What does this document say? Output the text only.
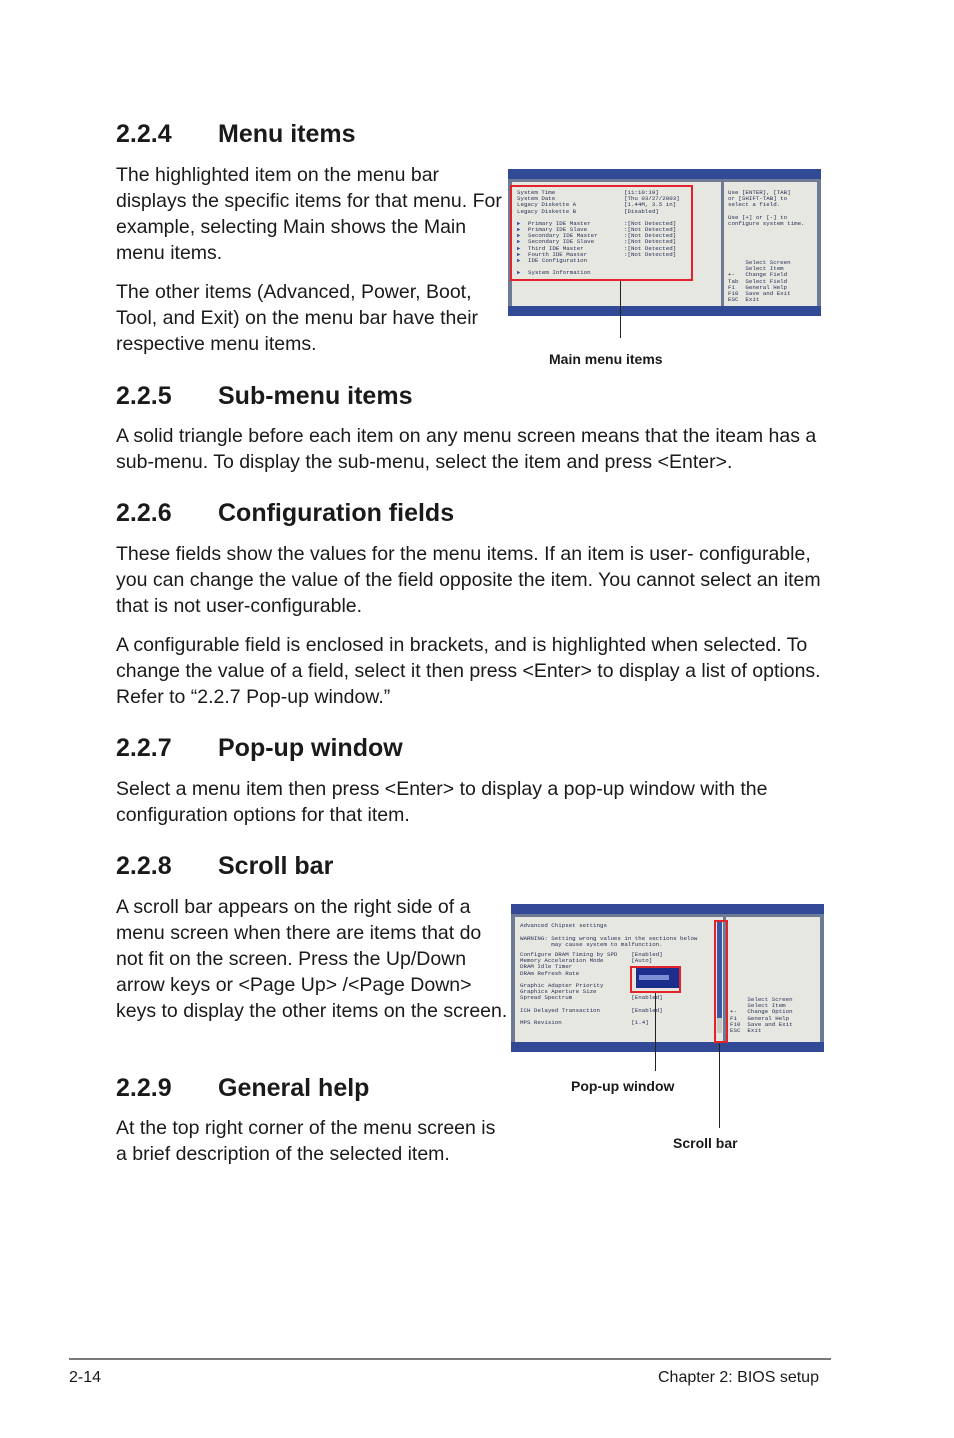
2.2.4 Menu items

The highlighted item on the menu bar displays the specific items for that menu. For example, selecting Main shows the Main menu items.

The other items (Advanced, Power, Boot, Tool, and Exit) on the menu bar have their respective menu items.

System Time	[11:10:19]
System Date	[Thu 03/27/2003]
Legacy Diskette A	[1.44M, 3.5 in]
Legacy Diskette B	[Disabled]
▶	Primary IDE Master	:[Not Detected]
▶	Primary IDE Slave	:[Not Detected]
▶	Secondary IDE Master	:[Not Detected]
▶	Secondary IDE Slave	:[Not Detected]
▶	Third IDE Master	:[Not Detected]
▶	Fourth IDE Master	:[Not Detected]
▶	IDE Configuration
▶	System Information
Use [ENTER], [TAB]
or [SHIFT-TAB] to
select a field.

Use [+] or [-] to
configure system time.
Select Screen
Select Item
+-   Change Field
Tab  Select Field
F1   General Help
F10  Save and Exit
ESC  Exit
Main menu items
2.2.5 Sub-menu items

A solid triangle before each item on any menu screen means that the iteam has a sub-menu. To display the sub-menu, select the item and press <Enter>.

2.2.6 Configuration fields

These fields show the values for the menu items. If an item is user- configurable, you can change the value of the field opposite the item. You cannot select an item that is not user-configurable.

A configurable field is enclosed in brackets, and is highlighted when selected. To change the value of a field, select it then press <Enter> to display a list of options. Refer to “2.2.7 Pop-up window.”

2.2.7 Pop-up window

Select a menu item then press <Enter> to display a pop-up window with the configuration options for that item.

2.2.8 Scroll bar

A scroll bar appears on the right side of a menu screen when there are items that do not fit on the screen. Press the Up/Down arrow keys or <Page Up> /<Page Down> keys to display the other items on the screen.

Advanced Chipset settings
WARNING: Setting wrong values in the sections below
may cause system to malfunction.
Configure DRAM Timing by SPD    [Enabled]
Memory Acceleration Mode        [Auto]
DRAM Idle Timer
DRAm Refresh Rate

Graphic Adapter Priority
Graphics Aperture Size
Spread Spectrum                 [Enabled]

ICH Delayed Transaction         [Enabled]

MPS Revision                    [1.4]
Select Screen
Select Item
+-   Change Option
F1   General Help
F10  Save and Exit
ESC  Exit
Pop-up window
Scroll bar
2.2.9 General help

At the top right corner of the menu screen is a brief description of the selected item.

2-14	Chapter 2: BIOS setup
